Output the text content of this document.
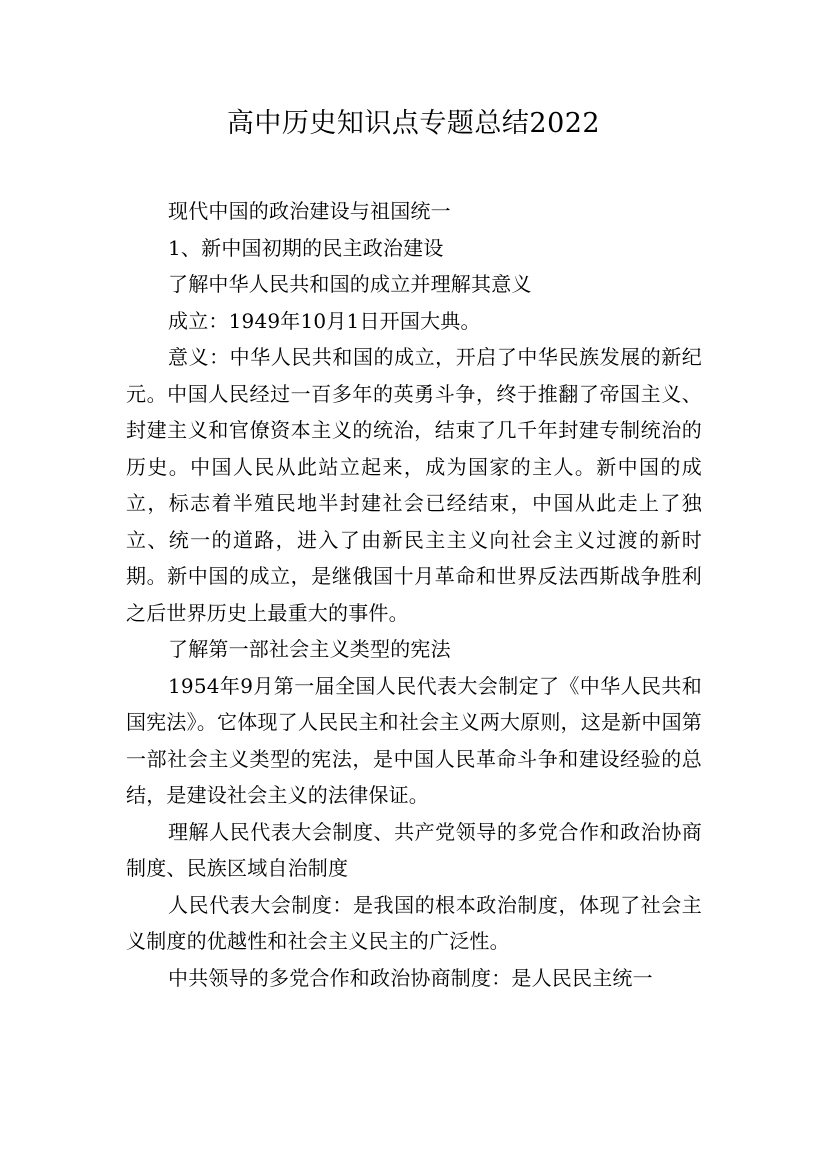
高中历史知识点专题总结2022

现代中国的政治建设与祖国统一

1、新中国初期的民主政治建设

了解中华人民共和国的成立并理解其意义

成立：1949年10月1日开国大典。

意义：中华人民共和国的成立，开启了中华民族发展的新纪元。中国人民经过一百多年的英勇斗争，终于推翻了帝国主义、封建主义和官僚资本主义的统治，结束了几千年封建专制统治的历史。中国人民从此站立起来，成为国家的主人。新中国的成立，标志着半殖民地半封建社会已经结束，中国从此走上了独立、统一的道路，进入了由新民主主义向社会主义过渡的新时期。新中国的成立，是继俄国十月革命和世界反法西斯战争胜利之后世界历史上最重大的事件。

了解第一部社会主义类型的宪法

1954年9月第一届全国人民代表大会制定了《中华人民共和国宪法》。它体现了人民民主和社会主义两大原则，这是新中国第一部社会主义类型的宪法，是中国人民革命斗争和建设经验的总结，是建设社会主义的法律保证。

理解人民代表大会制度、共产党领导的多党合作和政治协商制度、民族区域自治制度

人民代表大会制度：是我国的根本政治制度，体现了社会主义制度的优越性和社会主义民主的广泛性。

中共领导的多党合作和政治协商制度：是人民民主统一
